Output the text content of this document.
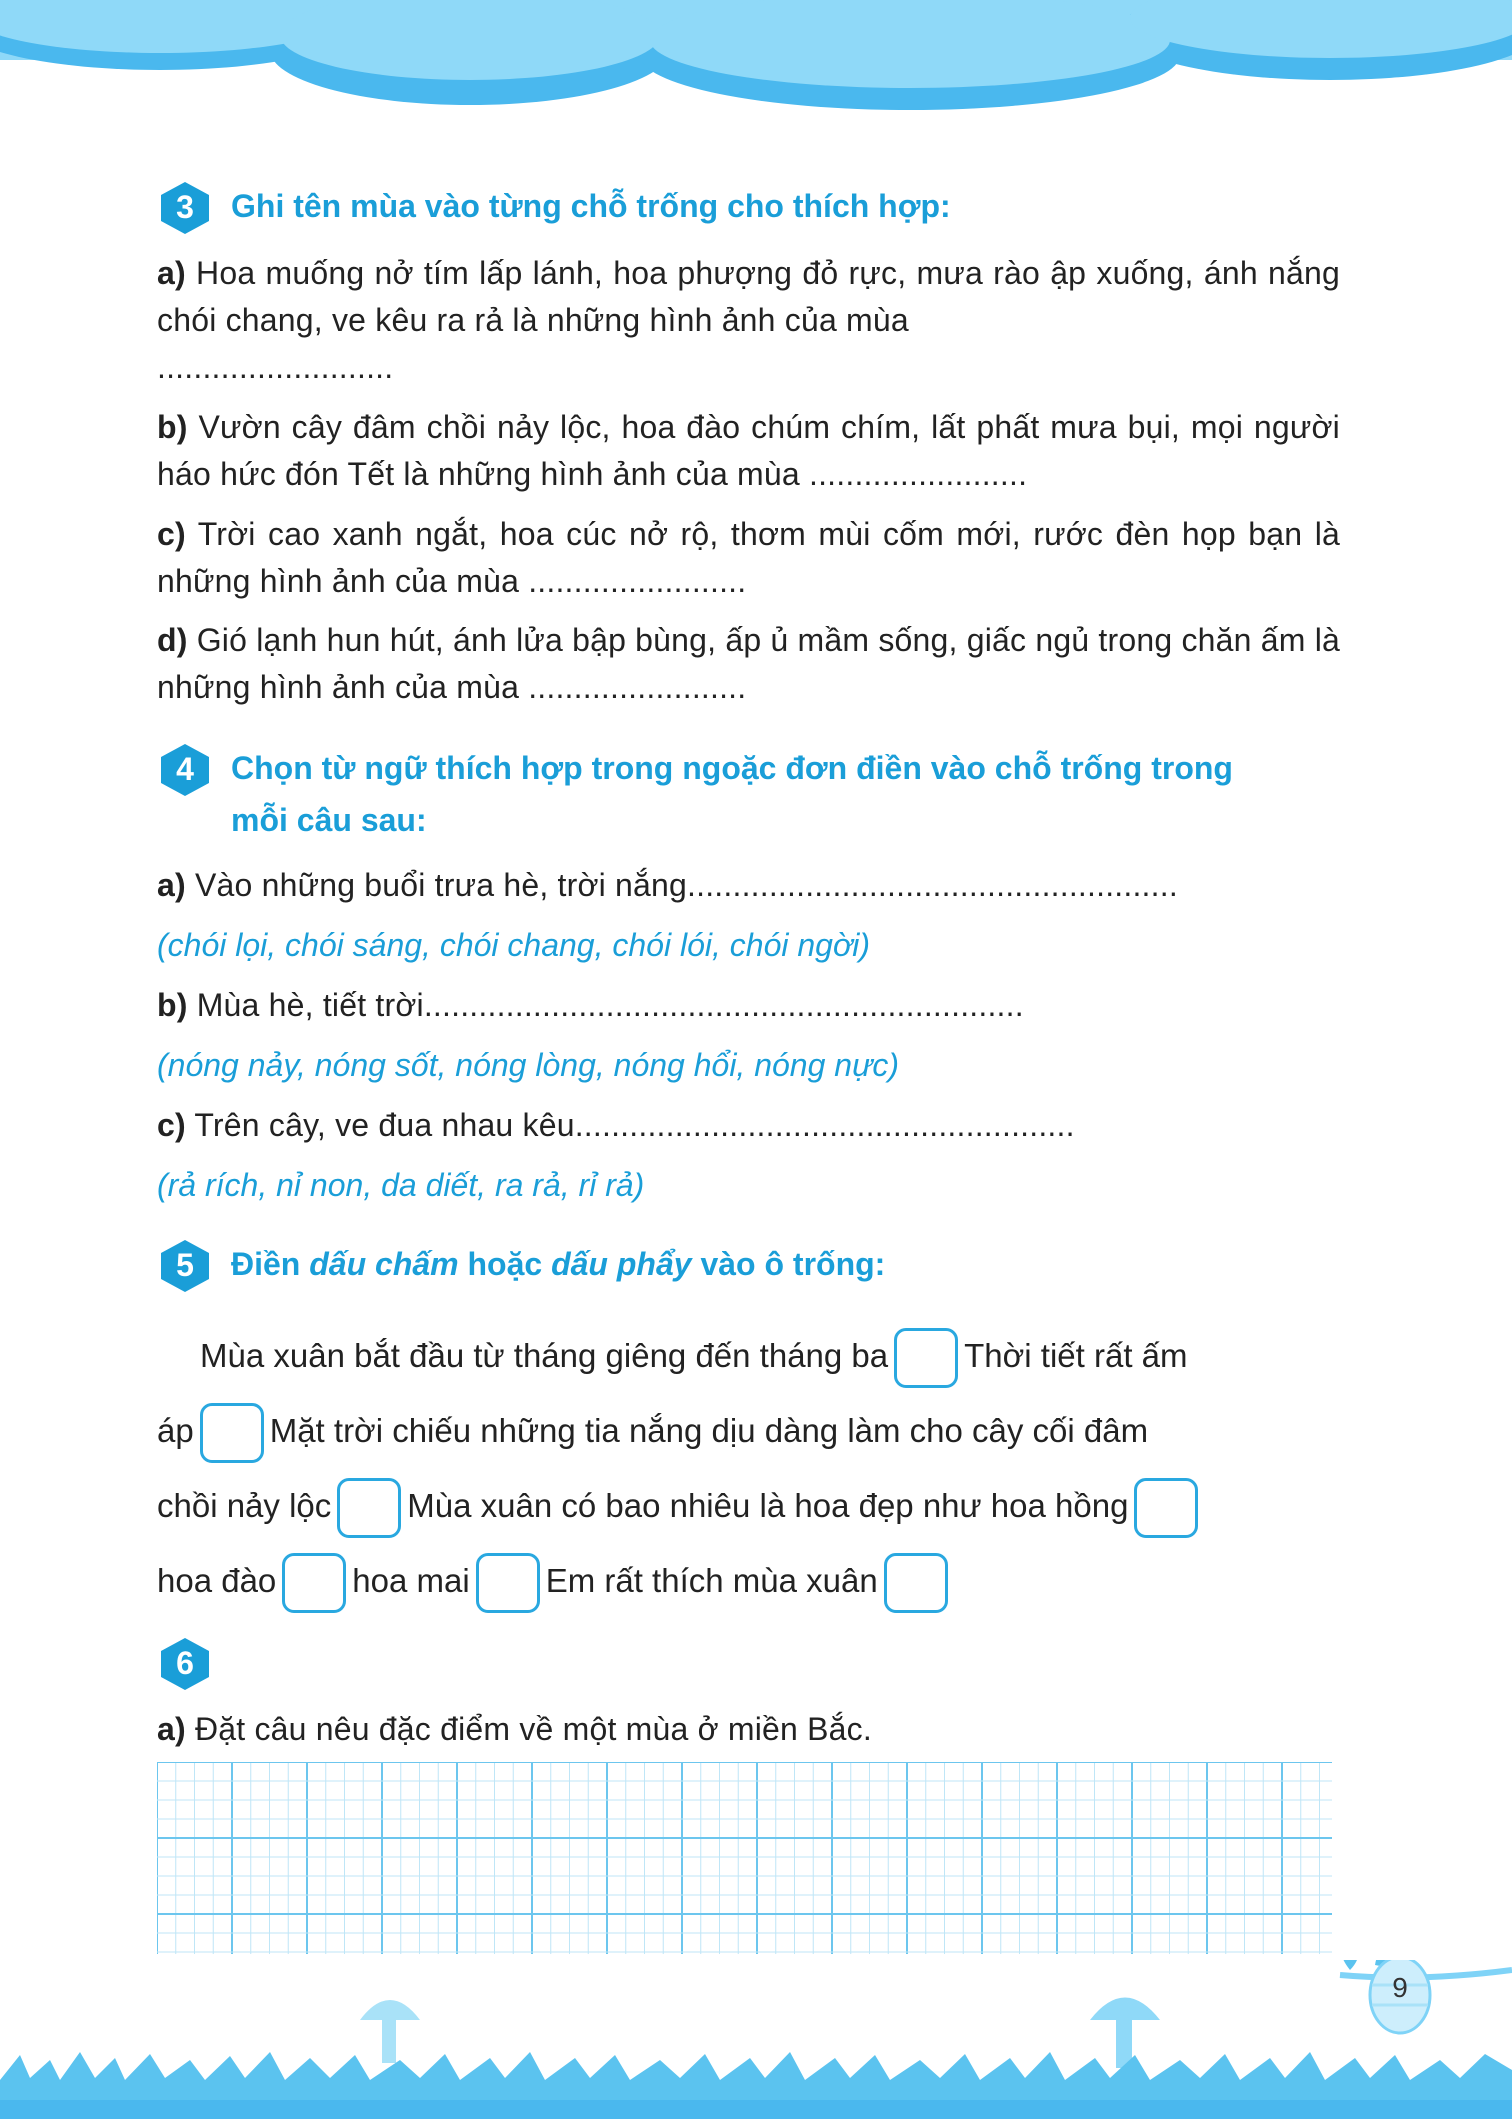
3	Ghi tên mùa vào từng chỗ trống cho thích hợp:
a) Hoa muống nở tím lấp lánh, hoa phượng đỏ rực, mưa rào ập xuống, ánh nắng chói chang, ve kêu ra rả là những hình ảnh của mùa
..........................
b) Vườn cây đâm chồi nảy lộc, hoa đào chúm chím, lất phất mưa bụi, mọi người háo hức đón Tết là những hình ảnh của mùa ........................
c) Trời cao xanh ngắt, hoa cúc nở rộ, thơm mùi cốm mới, rước đèn họp bạn là những hình ảnh của mùa ........................
d) Gió lạnh hun hút, ánh lửa bập bùng, ấp ủ mầm sống, giấc ngủ trong chăn ấm là những hình ảnh của mùa ........................
4	Chọn từ ngữ thích hợp trong ngoặc đơn điền vào chỗ trống trong
mỗi câu sau:
a) Vào những buổi trưa hè, trời nắng......................................................
(chói lọi, chói sáng, chói chang, chói lói, chói ngời)
b) Mùa hè, tiết trời..................................................................
(nóng nảy, nóng sốt, nóng lòng, nóng hổi, nóng nực)
c) Trên cây, ve đua nhau kêu.......................................................
(rả rích, nỉ non, da diết, ra rả, rỉ rả)
5	Điền dấu chấm hoặc dấu phẩy vào ô trống:
Mùa xuân bắt đầu từ tháng giêng đến tháng ba Thời tiết rất ấm
áp Mặt trời chiếu những tia nắng dịu dàng làm cho cây cối đâm
chồi nảy lộc Mùa xuân có bao nhiêu là hoa đẹp như hoa hồng
hoa đào hoa mai Em rất thích mùa xuân
6
a) Đặt câu nêu đặc điểm về một mùa ở miền Bắc.
9
